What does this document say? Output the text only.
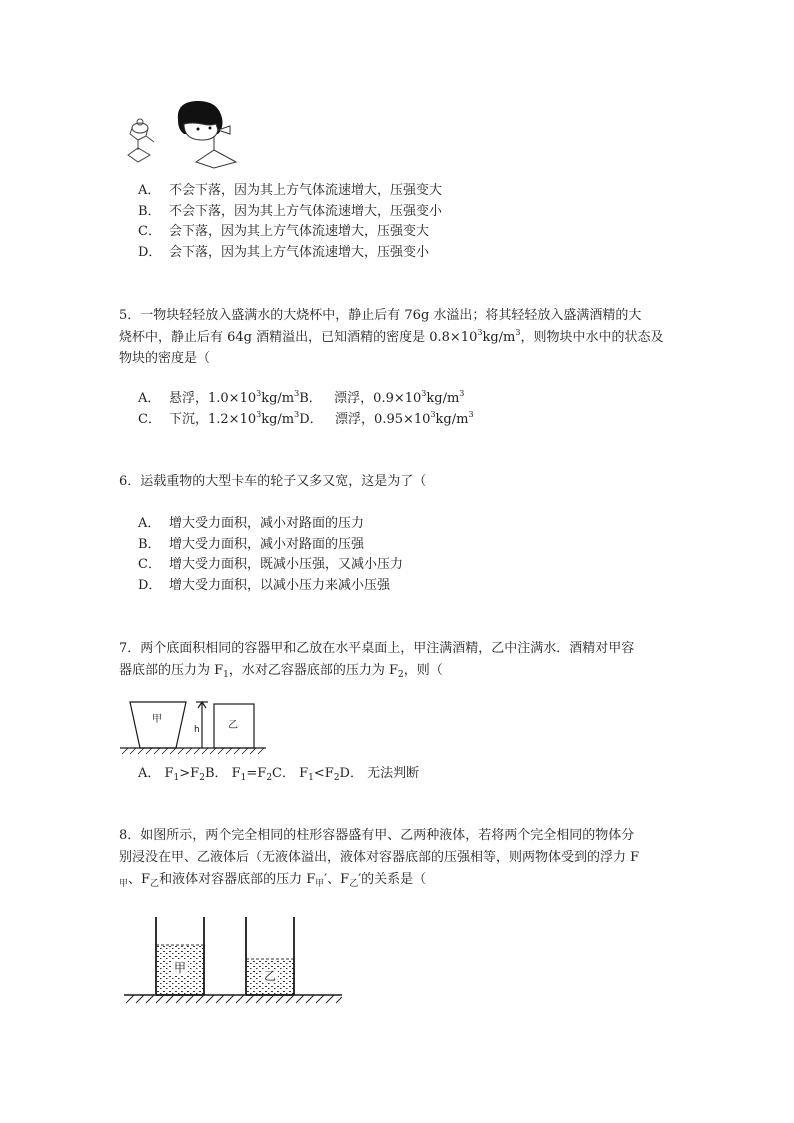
A． 不会下落，因为其上方气体流速增大，压强变大
B． 不会下落，因为其上方气体流速增大，压强变小
C． 会下落，因为其上方气体流速增大，压强变大
D． 会下落，因为其上方气体流速增大，压强变小
5．一物块轻轻放入盛满水的大烧杯中，静止后有 76g 水溢出；将其轻轻放入盛满酒精的大
烧杯中，静止后有 64g 酒精溢出，已知酒精的密度是 $0.8\times 10^3kg/m^3$，则物块中水中的状态及
物块的密度是（
A． 悬浮，$1.0\times 10^3kg/m^3B$． 漂浮，$0.9\times 10^3kg/m^3$
C． 下沉，$1.2\times 10^3kg/m^3D$． 漂浮，$0.95\times 10^3kg/m^3$
6．运载重物的大型卡车的轮子又多又宽，这是为了（
A． 增大受力面积，减小对路面的压力
B． 增大受力面积，减小对路面的压强
C． 增大受力面积，既减小压强，又减小压力
D． 增大受力面积，以减小压力来减小压强
7．两个底面积相同的容器甲和乙放在水平桌面上，甲注满酒精，乙中注满水．酒精对甲容
器底部的压力为 $F_1$，水对乙容器底部的压力为 $F_2$，则（
甲
乙
h
A． $F_1>F_2B$． $F_1=F_2C$． $F_1<F_2D$． 无法判断
8．如图所示，两个完全相同的柱形容器盛有甲、乙两种液体，若将两个完全相同的物体分
别浸没在甲、乙液体后（无液体溢出，液体对容器底部的压强相等，则两物体受到的浮力 F
$_甲$、$F_乙$和液体对容器底部的压力 $F_甲'$、$F_乙'$的关系是（
甲
乙
